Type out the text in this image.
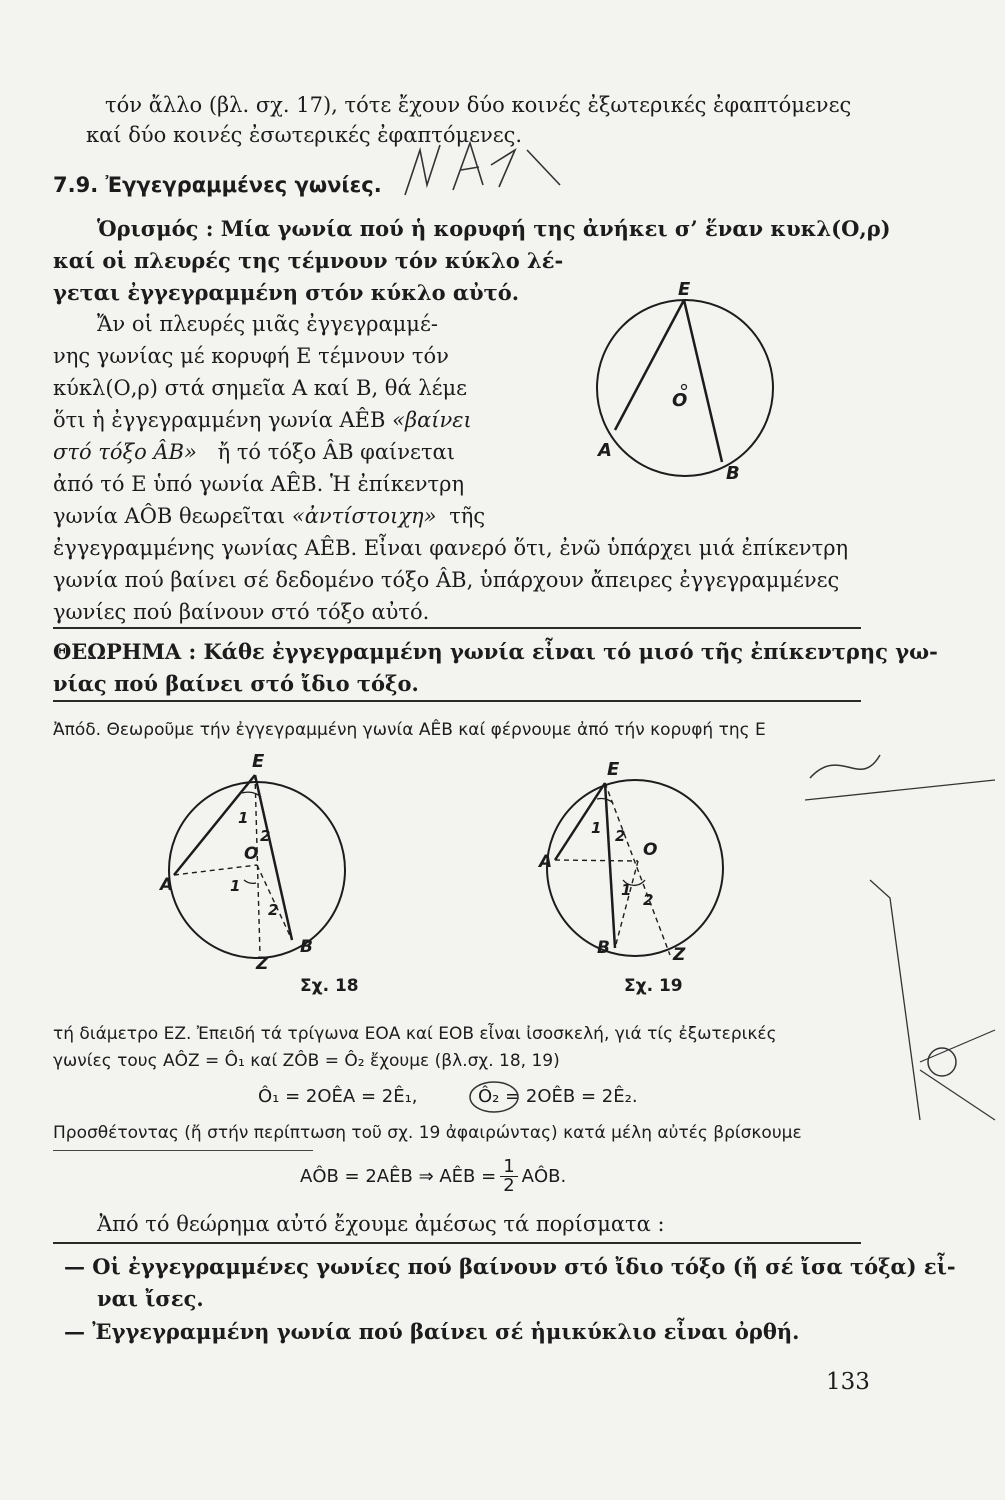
τόν ἄλλο (βλ. σχ. 17), τότε ἔχουν δύο κοινές ἐξωτερικές ἐφαπτόμενες
καί δύο κοινές ἐσωτερικές ἐφαπτόμενες.
7.9. Ἐγγεγραμμένες γωνίες.
Ὁρισμός : Μία γωνία πού ἡ κορυφή της ἀνήκει σ’ ἕναν κυκλ(Ο,ρ)
καί οἱ πλευρές της τέμνουν τόν κύκλο λέ-
γεται ἐγγεγραμμένη στόν κύκλο αὐτό.
Ἄν οἱ πλευρές μιᾶς ἐγγεγραμμέ-
νης γωνίας μέ κορυφή Ε τέμνουν τόν
κύκλ(Ο,ρ) στά σημεῖα Α καί Β, θά λέμε
ὅτι ἡ ἐγγεγραμμένη γωνία ΑÊΒ «βαίνει
στό τόξο ÂB» ἤ τό τόξο ÂB φαίνεται
ἀπό τό Ε ὑπό γωνία ΑÊΒ. Ἡ ἐπίκεντρη
γωνία ΑÔΒ θεωρεῖται «ἀντίστοιχη» τῆς
ἐγγεγραμμένης γωνίας ΑÊΒ. Εἶναι φανερό ὅτι, ἐνῶ ὑπάρχει μιά ἐπίκεντρη
γωνία πού βαίνει σέ δεδομένο τόξο ÂB, ὑπάρχουν ἄπειρες ἐγγεγραμμένες
γωνίες πού βαίνουν στό τόξο αὐτό.
E
O
A
B
ΘΕΩΡΗΜΑ : Κάθε ἐγγεγραμμένη γωνία εἶναι τό μισό τῆς ἐπίκεντρης γω-
νίας πού βαίνει στό ἴδιο τόξο.
Ἀπόδ. Θεωροῦμε τήν ἐγγεγραμμένη γωνία ΑÊΒ καί φέρνουμε ἀπό τήν κορυφή της Ε
E
O
A
B
Z
1
2
1
2
Σχ. 18
E
O
A
B	Z
1 2
1
2
Σχ. 19
τή διάμετρο ΕΖ. Ἐπειδή τά τρίγωνα ΕΟΑ καί ΕΟΒ εἶναι ἰσοσκελή, γιά τίς ἐξωτερικές
γωνίες τους ΑÔΖ = Ô₁ καί ΖÔΒ = Ô₂ ἔχουμε (βλ.σχ. 18, 19)
Ô₁ = 2ΟÊΑ = 2Ê₁,	Ô₂ = 2ΟÊΒ = 2Ê₂.
Προσθέτοντας (ἤ στήν περίπτωση τοῦ σχ. 19 ἀφαιρώντας) κατά μέλη αὐτές βρίσκουμε
ΑÔΒ = 2ΑÊΒ ⇒ ΑÊΒ = $\frac{1}{2}$ ΑÔΒ.
Ἀπό τό θεώρημα αὐτό ἔχουμε ἀμέσως τά πορίσματα :
— Οἱ ἐγγεγραμμένες γωνίες πού βαίνουν στό ἴδιο τόξο (ἤ σέ ἴσα τόξα) εἶ-
ναι ἴσες.
— Ἐγγεγραμμένη γωνία πού βαίνει σέ ἡμικύκλιο εἶναι ὀρθή.
133
